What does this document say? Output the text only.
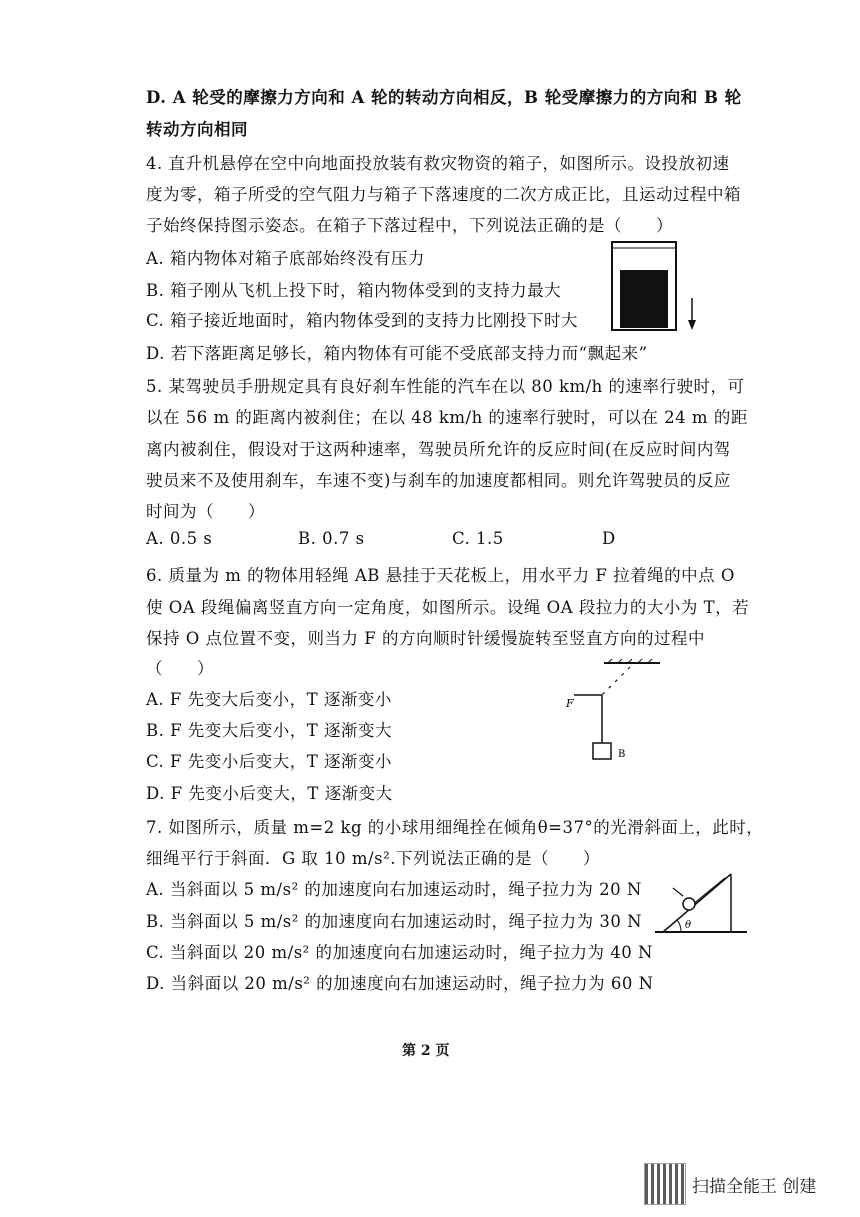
D. A 轮受的摩擦力方向和 A 轮的转动方向相反，B 轮受摩擦力的方向和 B 轮
转动方向相同
4. 直升机悬停在空中向地面投放装有救灾物资的箱子，如图所示。设投放初速
度为零，箱子所受的空气阻力与箱子下落速度的二次方成正比，且运动过程中箱
子始终保持图示姿态。在箱子下落过程中，下列说法正确的是（　　）
A. 箱内物体对箱子底部始终没有压力
B. 箱子刚从飞机上投下时，箱内物体受到的支持力最大
C. 箱子接近地面时，箱内物体受到的支持力比刚投下时大
D. 若下落距离足够长，箱内物体有可能不受底部支持力而“飘起来”
5. 某驾驶员手册规定具有良好刹车性能的汽车在以 80 km/h 的速率行驶时，可
以在 56 m 的距离内被刹住；在以 48 km/h 的速率行驶时，可以在 24 m 的距
离内被刹住，假设对于这两种速率，驾驶员所允许的反应时间(在反应时间内驾
驶员来不及使用刹车，车速不变)与刹车的加速度都相同。则允许驾驶员的反应
时间为（　　）
A. 0.5 s	B. 0.7 s	C. 1.5	D
6. 质量为 m 的物体用轻绳 AB 悬挂于天花板上，用水平力 F 拉着绳的中点 O
使 OA 段绳偏离竖直方向一定角度，如图所示。设绳 OA 段拉力的大小为 T，若
保持 O 点位置不变，则当力 F 的方向顺时针缓慢旋转至竖直方向的过程中
（　　）
A. F 先变大后变小，T 逐渐变小
B. F 先变大后变小，T 逐渐变大
C. F 先变小后变大，T 逐渐变小
D. F 先变小后变大，T 逐渐变大
F
B
7. 如图所示，质量 m=2 kg 的小球用细绳拴在倾角θ=37°的光滑斜面上，此时，
细绳平行于斜面．G 取 10 m/s².下列说法正确的是（　　）
A. 当斜面以 5 m/s² 的加速度向右加速运动时，绳子拉力为 20 N
B. 当斜面以 5 m/s² 的加速度向右加速运动时，绳子拉力为 30 N
C. 当斜面以 20 m/s² 的加速度向右加速运动时，绳子拉力为 40 N
D. 当斜面以 20 m/s² 的加速度向右加速运动时，绳子拉力为 60 N
θ
第 2 页
扫描全能王 创建
